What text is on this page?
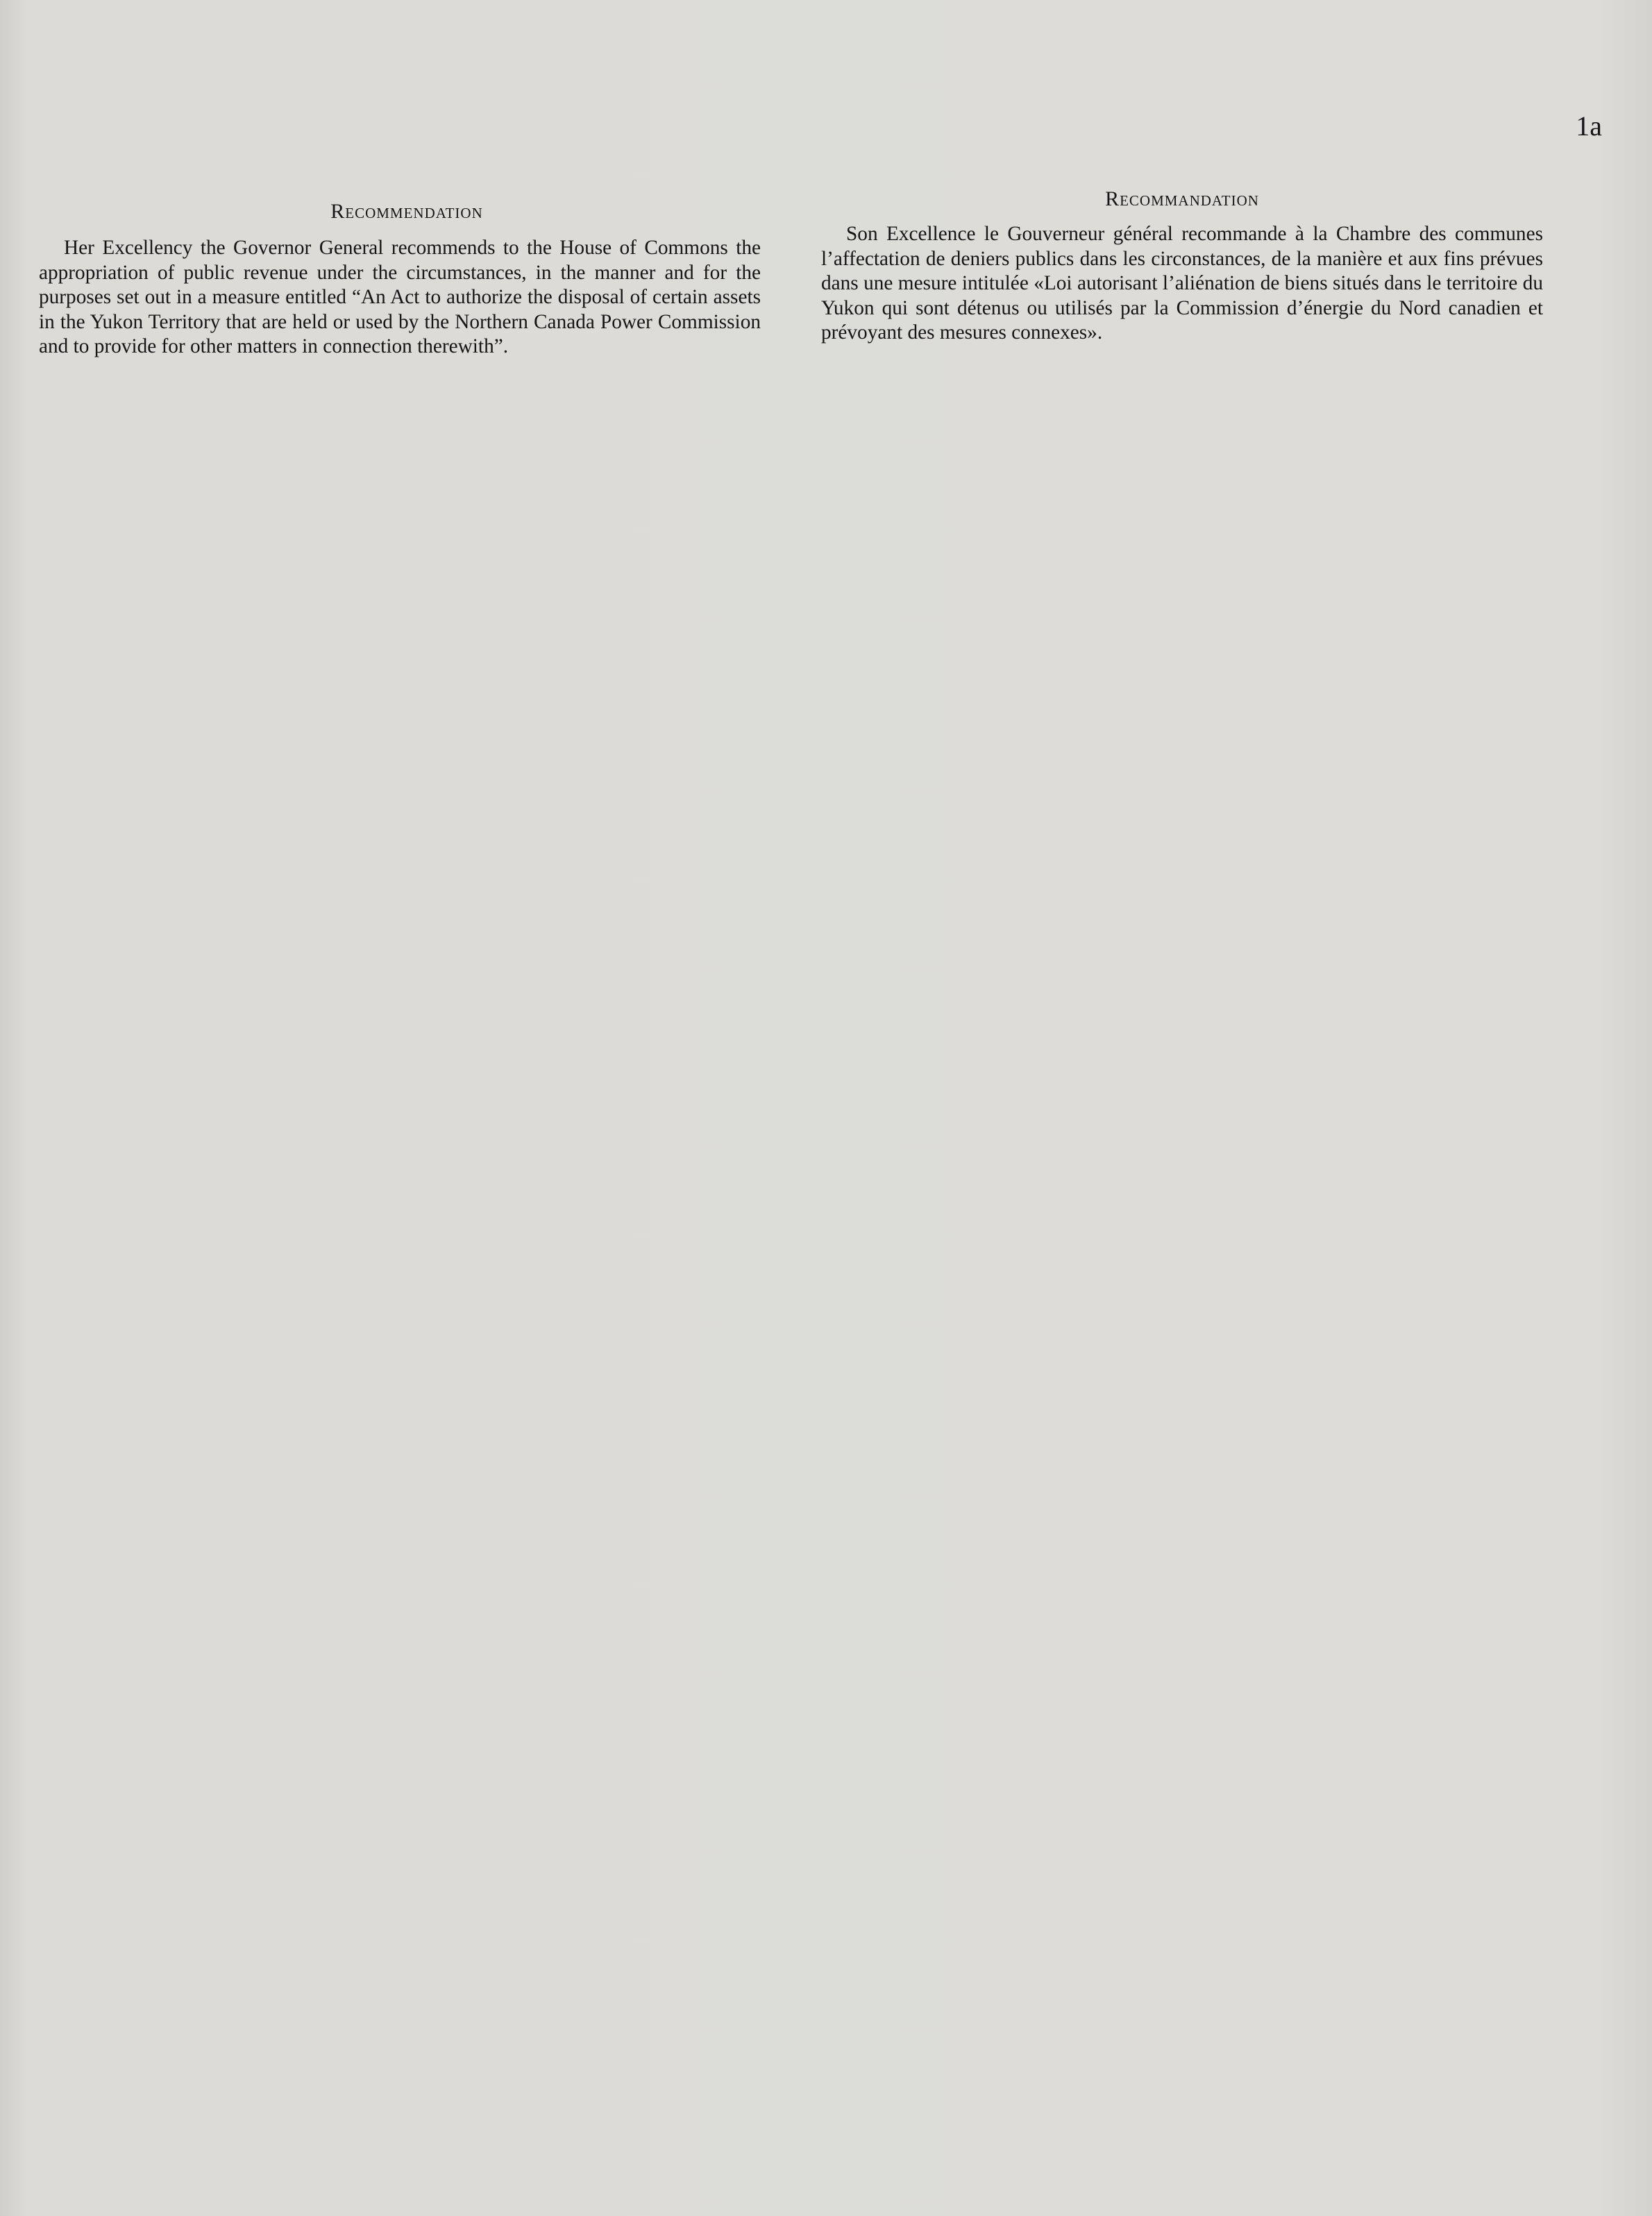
1a
Recommendation

Her Excellency the Governor General recommends to the House of Commons the appropriation of public revenue under the circumstances, in the manner and for the purposes set out in a measure entitled “An Act to authorize the disposal of certain assets in the Yukon Territory that are held or used by the Northern Canada Power Commission and to provide for other matters in connection therewith”.

Recommandation

Son Excellence le Gouverneur général recommande à la Chambre des communes l’affectation de deniers publics dans les circonstances, de la manière et aux fins prévues dans une mesure intitulée «Loi autorisant l’aliénation de biens situés dans le territoire du Yukon qui sont détenus ou utilisés par la Commission d’énergie du Nord canadien et prévoyant des mesures connexes».
